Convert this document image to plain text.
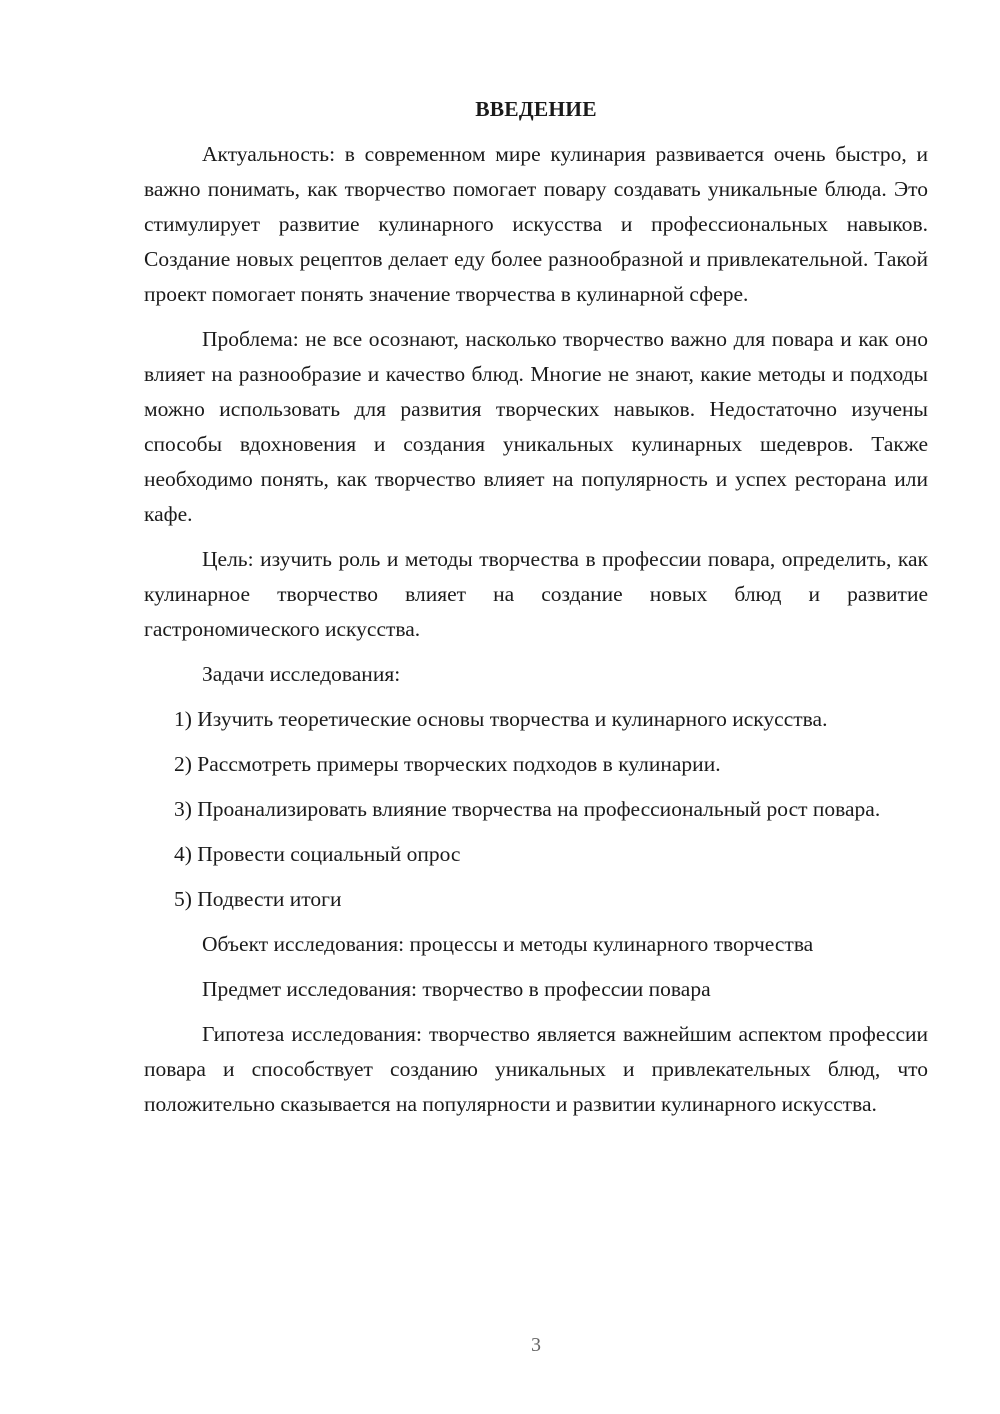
ВВЕДЕНИЕ

Актуальность: в современном мире кулинария развивается очень быстро, и важно понимать, как творчество помогает повару создавать уникальные блюда. Это стимулирует развитие кулинарного искусства и профессиональных навыков. Создание новых рецептов делает еду более разнообразной и привлекательной. Такой проект помогает понять значение творчества в кулинарной сфере.

Проблема: не все осознают, насколько творчество важно для повара и как оно влияет на разнообразие и качество блюд. Многие не знают, какие методы и подходы можно использовать для развития творческих навыков. Недостаточно изучены способы вдохновения и создания уникальных кулинарных шедевров. Также необходимо понять, как творчество влияет на популярность и успех ресторана или кафе.

Цель: изучить роль и методы творчества в профессии повара, определить, как кулинарное творчество влияет на создание новых блюд и развитие гастрономического искусства.

Задачи исследования:

1) Изучить теоретические основы творчества и кулинарного искусства.

2) Рассмотреть примеры творческих подходов в кулинарии.

3) Проанализировать влияние творчества на профессиональный рост повара.

4) Провести социальный опрос

5) Подвести итоги

Объект исследования: процессы и методы кулинарного творчества

Предмет исследования: творчество в профессии повара

Гипотеза исследования: творчество является важнейшим аспектом профессии повара и способствует созданию уникальных и привлекательных блюд, что положительно сказывается на популярности и развитии кулинарного искусства.

3
